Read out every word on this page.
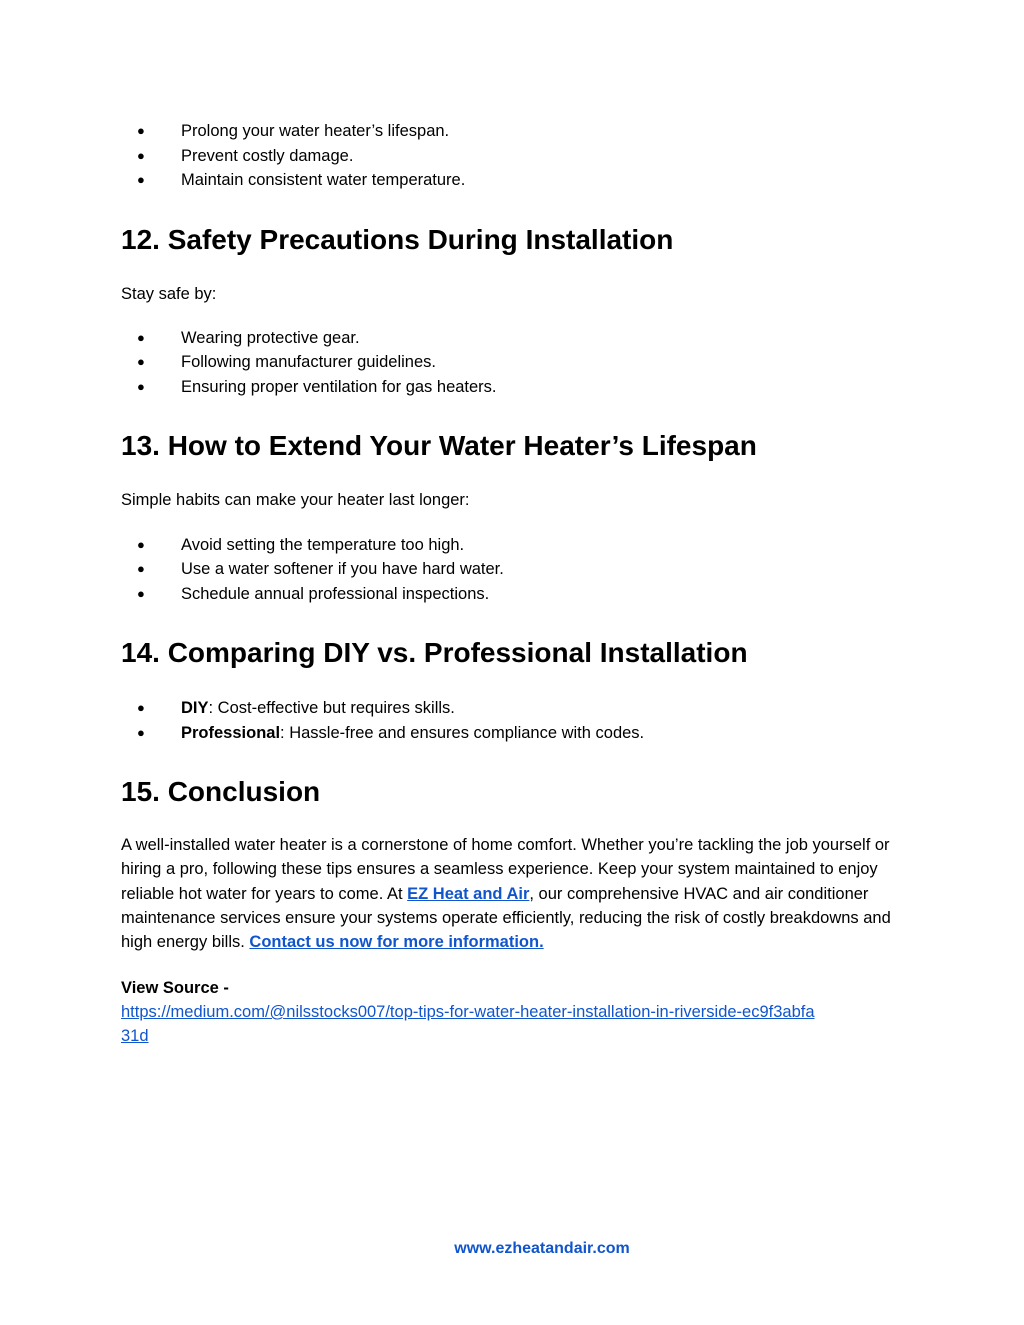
● Prolong your water heater’s lifespan.
● Prevent costly damage.
● Maintain consistent water temperature.
12. Safety Precautions During Installation

Stay safe by:

● Wearing protective gear.
● Following manufacturer guidelines.
● Ensuring proper ventilation for gas heaters.
13. How to Extend Your Water Heater’s Lifespan

Simple habits can make your heater last longer:

● Avoid setting the temperature too high.
● Use a water softener if you have hard water.
● Schedule annual professional inspections.
14. Comparing DIY vs. Professional Installation
● DIY: Cost-effective but requires skills.
● Professional: Hassle-free and ensures compliance with codes.
15. Conclusion

A well-installed water heater is a cornerstone of home comfort. Whether you’re tackling the job yourself or hiring a pro, following these tips ensures a seamless experience. Keep your system maintained to enjoy reliable hot water for years to come. At EZ Heat and Air, our comprehensive HVAC and air conditioner maintenance services ensure your systems operate efficiently, reducing the risk of costly breakdowns and high energy bills. Contact us now for more information.

View Source -

https://medium.com/@nilsstocks007/top-tips-for-water-heater-installation-in-riverside-ec9f3abfa
31d

www.ezheatandair.com
